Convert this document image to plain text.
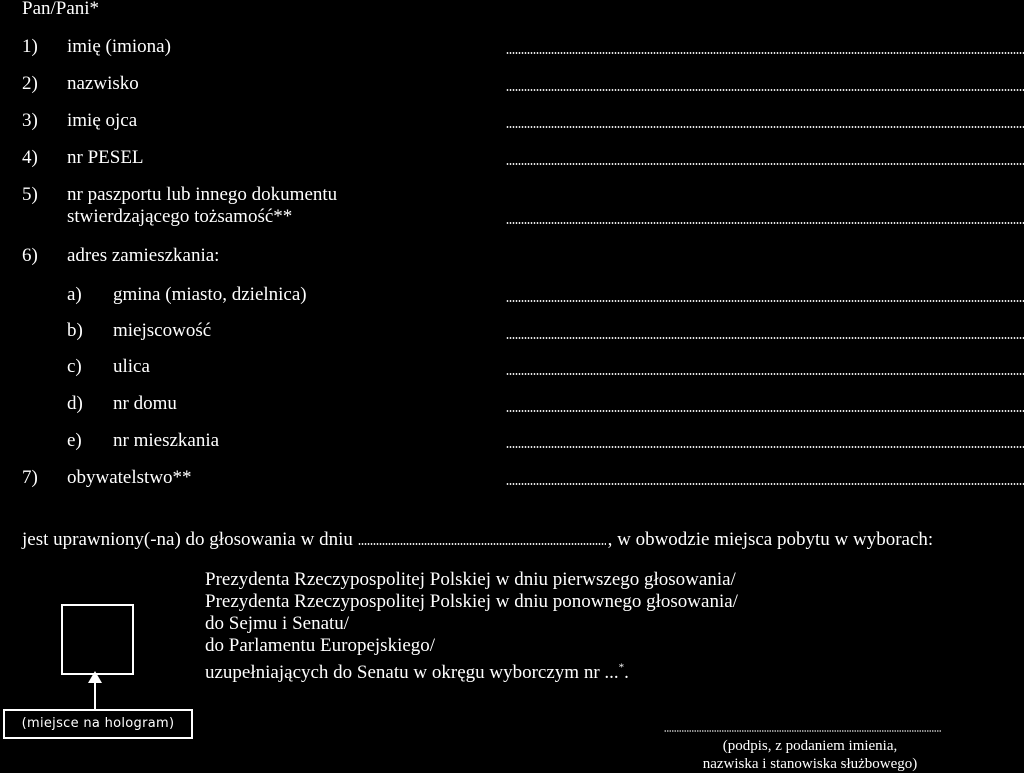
Pan/Pani*
1) imię (imiona)
2) nazwisko
3) imię ojca
4) nr PESEL
5) nr paszportu lub innego dokumentu
stwierdzającego tożsamość**
6) adres zamieszkania:
a) gmina (miasto, dzielnica)
b) miejscowość
c) ulica
d) nr domu
e) nr mieszkania
7) obywatelstwo**
jest uprawniony(-na) do głosowania w dniu	, w obwodzie miejsca pobytu w wyborach:
Prezydenta Rzeczypospolitej Polskiej w dniu pierwszego głosowania/
Prezydenta Rzeczypospolitej Polskiej w dniu ponownego głosowania/
do Sejmu i Senatu/
do Parlamentu Europejskiego/
uzupełniających do Senatu w okręgu wyborczym nr ...*.
(miejsce na hologram)
(podpis, z podaniem imienia,
nazwiska i stanowiska służbowego)
